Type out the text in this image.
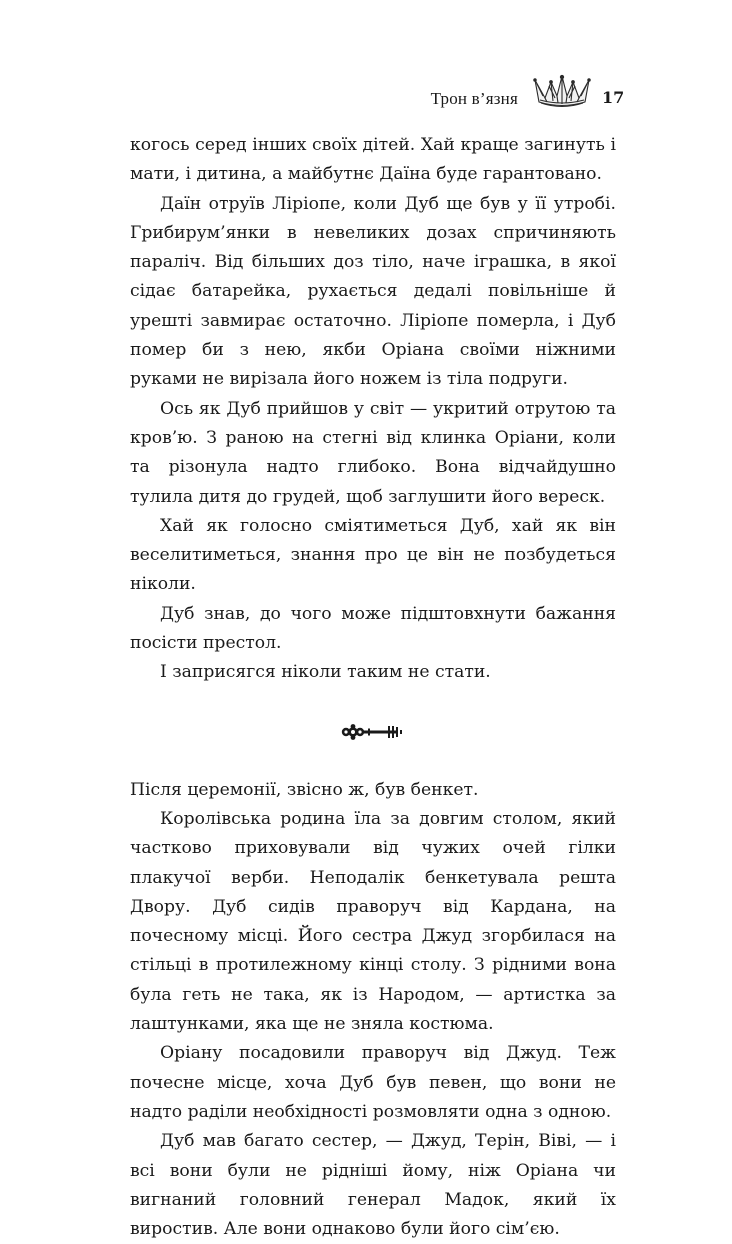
Трон в’язня	17

когось серед інших своїх дітей. Хай краще загинуть і мати, і дитина, а майбутнє Даїна буде гарантовано.

Даїн отруїв Ліріопе, коли Дуб ще був у її утробі. Грибирум’янки в невеликих дозах спричиняють параліч. Від більших доз тіло, наче іграшка, в якої сідає батарейка, рухається дедалі повільніше й урешті завмирає остаточно. Ліріопе померла, і Дуб помер би з нею, якби Оріана своїми ніжними руками не вирізала його ножем із тіла подруги.

Ось як Дуб прийшов у світ — укритий отрутою та кров’ю. З раною на стегні від клинка Оріани, коли та різонула надто глибоко. Вона відчайдушно тулила дитя до грудей, щоб заглушити його вереск.

Хай як голосно сміятиметься Дуб, хай як він веселитиметься, знання про це він не позбудеться ніколи.

Дуб знав, до чого може підштовхнути бажання посісти престол.

І заприсягся ніколи таким не стати.

Після церемонії, звісно ж, був бенкет.

Королівська родина їла за довгим столом, який частково приховували від чужих очей гілки плакучої верби. Неподалік бенкетувала решта Двору. Дуб сидів праворуч від Кардана, на почесному місці. Його сестра Джуд згорбилася на стільці в протилежному кінці столу. З рідними вона була геть не така, як із Народом, — артистка за лаштунками, яка ще не зняла костюма.

Оріану посадовили праворуч від Джуд. Теж почесне місце, хоча Дуб був певен, що вони не надто раділи необхідності розмовляти одна з одною.

Дуб мав багато сестер, — Джуд, Терін, Віві, — і всі вони були не рідніші йому, ніж Оріана чи вигнаний головний генерал Мадок, який їх виростив. Але вони однаково були його сім’єю.
